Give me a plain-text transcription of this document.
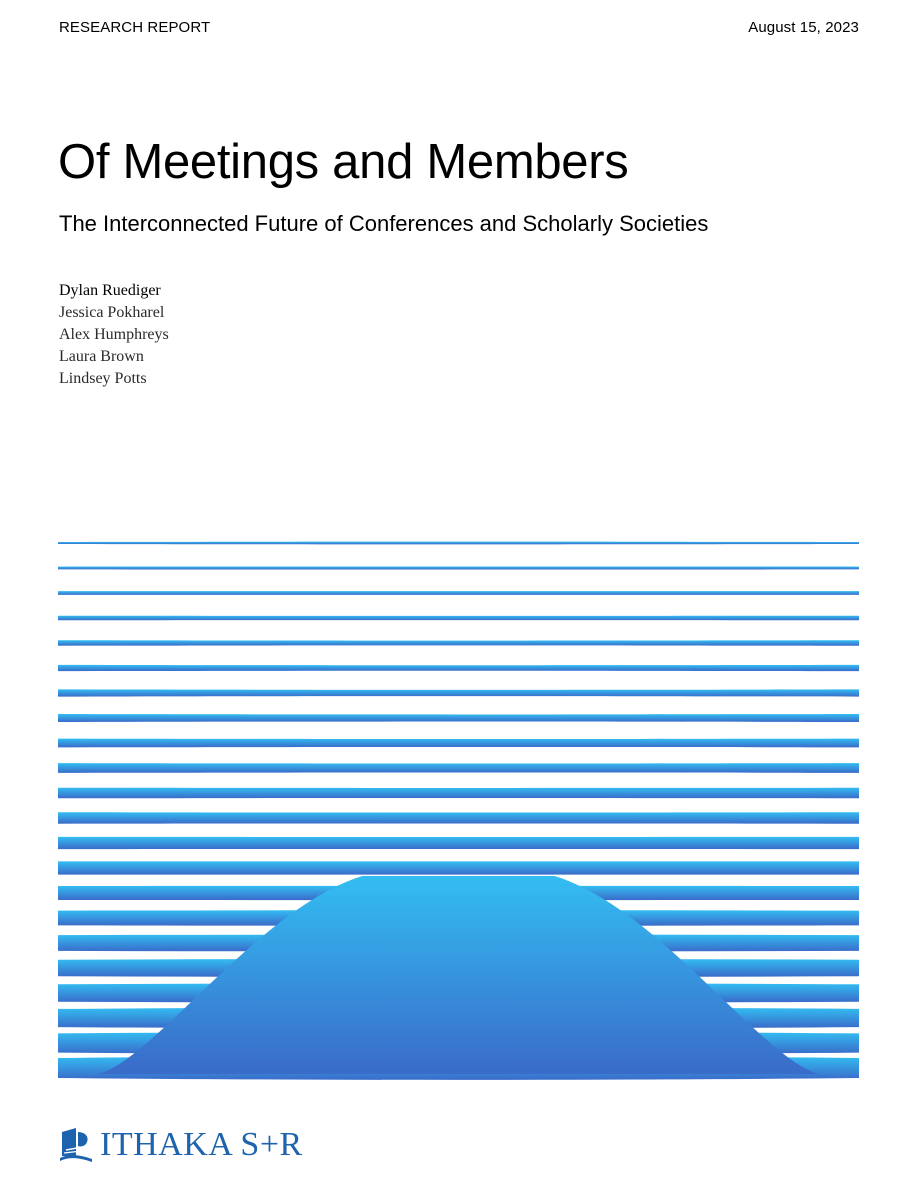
RESEARCH REPORT	August 15, 2023
Of Meetings and Members
The Interconnected Future of Conferences and Scholarly Societies
Dylan Ruediger
Jessica Pokharel
Alex Humphreys
Laura Brown
Lindsey Potts
ITHAKA S+R
